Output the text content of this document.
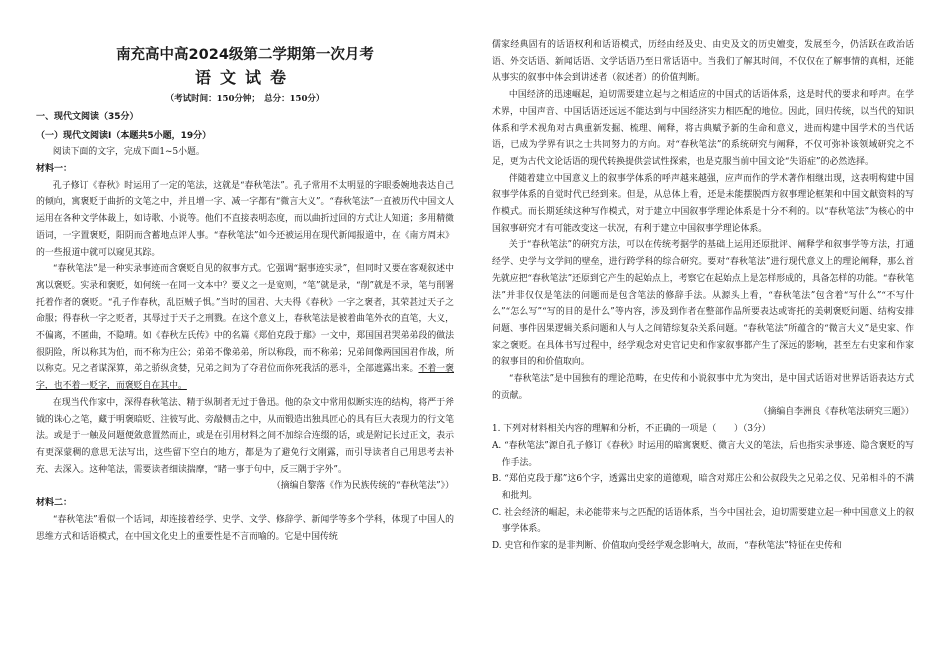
南充高中高2024级第二学期第一次月考
语文试卷
（考试时间：150分钟；　总分：150分）
一、现代文阅读（35分）
（一）现代文阅读Ⅰ（本题共5小题，19分）

阅读下面的文字，完成下面1~5小题。

材料一：

孔子修订《春秋》时运用了一定的笔法，这就是“春秋笔法”。孔子常用不太明显的字眼委婉地表达自己的倾向，寓褒贬于曲折的文笔之中，并且增一字、减一字都有“微言大义”。“春秋笔法”一直被历代中国文人运用在各种文学体裁上，如诗歌、小说等。他们不直接表明态度，而以曲折过回的方式让人知道；多用精微语词，一字置褒贬，阳阴而含蓄地点评人事。“春秋笔法”如今还被运用在现代新闻报道中，在《南方周末》的一些报道中就可以窥见其踪。

“春秋笔法”是一种实录事迹而含褒贬自见的叙事方式。它强调“据事迹实录”，但同时又要在客观叙述中寓以褒贬。实录和褒贬，如何统一在同一文本中？要义之一是宽则，“笔”就是录，“削”就是不录，笔与削署托着作者的褒贬。“孔子作春秋，乱臣贼子惧。”当时的国君、大夫得《春秋》一字之褒者，其荣甚过天子之命服；得春秋一字之贬者，其辱过于天子之刑戮。在这个意义上，春秋笔法是被着曲笔外衣的直笔，大义，不偏离，不匿曲，不隐晴。如《春秋左氏传》中的名篇《郑伯克段于鄢》一文中，郑国国君哭弟弟段的做法很阴险，所以称其为伯，而不称为庄公；弟弟不像弟弟，所以称段，而不称弟；兄弟间像两国国君作战，所以称克。兄之者谋深算，弟之骄纵贪婪，兄弟之间为了夺君位而你死我活的恶斗，全部遮露出来。不着一褒字，也不着一贬字，而褒贬自在其中。

在现当代作家中，深得春秋笔法、精于纵制者无过于鲁迅。他的杂文中常用似断实连的结构，将严于斧钺的诛心之笔，藏于明褒暗贬、注彼写此、旁敲侧击之中，从而锻造出独具匠心的具有巨大表现力的行文笔法。或是于一触及问题便敛意置然而止，或是在引用材料之间不加综合连缀的话，或是附记长过正文，表示有更深蒙稠的意思无法写出，这些留下空白的地方，都是为了避免行文刚露，而引导读者自己用思考去补充、去深入。这种笔法，需要读者细读揣摩，“睹一事于句中，反三隅于字外”。

（摘编自黎落《作为民族传统的“春秋笔法”》）

材料二：

“春秋笔法”看似一个话词，却连接着经学、史学、文学、修辞学、新闻学等多个学科，体现了中国人的思维方式和话语模式，在中国文化史上的重要性是不言而喻的。它是中国传统

儒家经典固有的话语权利和话语模式，历经由经及史、由史及文的历史嬗变，发展至今，仍活跃在政治话语、外交话语、新闻话语、文学话语乃至日常话语中。当我们了解其时间，不仅仅在了解事情的真相，还能从事实的叙事中体会到讲述者（叙述者）的价值判断。

中国经济的迅速崛起，迫切需要建立起与之相适应的中国式的话语体系，这是时代的要求和呼声。在学术界，中国声音、中国话语还远远不能达到与中国经济实力相匹配的地位。因此，回归传统，以当代的知识体系和学术视角对古典重新发掘、梳理、阐释，将古典赋予新的生命和意义，进而构建中国学术的当代话语，已成为学界有识之士共同努力的方向。对“春秋笔法”的系统研究与阐释，不仅可弥补该领域研究之不足，更为古代文论话语的现代转换提供尝试性探索，也是克服当前中国文论“失语症”的必然选择。

伴随着建立中国意义上的叙事学体系的呼声越来越强，应声而作的学术著作相继出现，这表明构建中国叙事学体系的自觉时代已经到来。但是，从总体上看，还是未能摆脱西方叙事理论框架和中国文献资料的写作模式。而长期延续这种写作模式，对于建立中国叙事学理论体系是十分不利的。以“春秋笔法”为核心的中国叙事研究才有可能改变这一状况，有利于建立中国叙事学理论体系。

关于“春秋笔法”的研究方法，可以在传统考据学的基础上运用还原批评、阐释学和叙事学等方法，打通经学、史学与文学间的壁垒，进行跨学科的综合研究。要对“春秋笔法”进行现代意义上的理论阐释，那么首先就应把“春秋笔法”还原到它产生的起始点上，考察它在起始点上是怎样形成的，具备怎样的功能。“春秋笔法”并非仅仅是笔法的问题而是包含笔法的修辞手法。从源头上看，“春秋笔法”包含着“写什么”“不写什么”“怎么写”“写的目的是什么”等内容，涉及到作者在整部作品所要表达或寄托的美刺褒贬问题、结构安排问题、事件因果逻辑关系问题和人与人之间错综复杂关系问题。“春秋笔法”所蕴含的“微言大义”是史家、作家之褒贬。在具体书写过程中，经学观念对史官记史和作家叙事都产生了深远的影响，甚至左右史家和作家的叙事目的和价值取向。

“春秋笔法”是中国独有的理论范畴，在史传和小说叙事中尤为突出，是中国式话语对世界话语表达方式的贡献。

（摘编自李洲良《春秋笔法研究三题》）

1. 下列对材料相关内容的理解和分析，不正确的一项是（　　）（3分）

A. “春秋笔法”源自孔子修订《春秋》时运用的暗寓褒贬、微言大义的笔法，后也指实录事迹、隐含褒贬的写作手法。

B. “郑伯克段于鄢”这6个字，透露出史家的道德观，暗含对郑庄公和公叔段失之兄弟之仪、兄弟相斗的不满和批判。

C. 社会经济的崛起，未必能带来与之匹配的话语体系，当今中国社会，迫切需要建立起一种中国意义上的叙事学体系。

D. 史官和作家的是非判断、价值取向受经学观念影响大，故而，“春秋笔法”特征在史传和
